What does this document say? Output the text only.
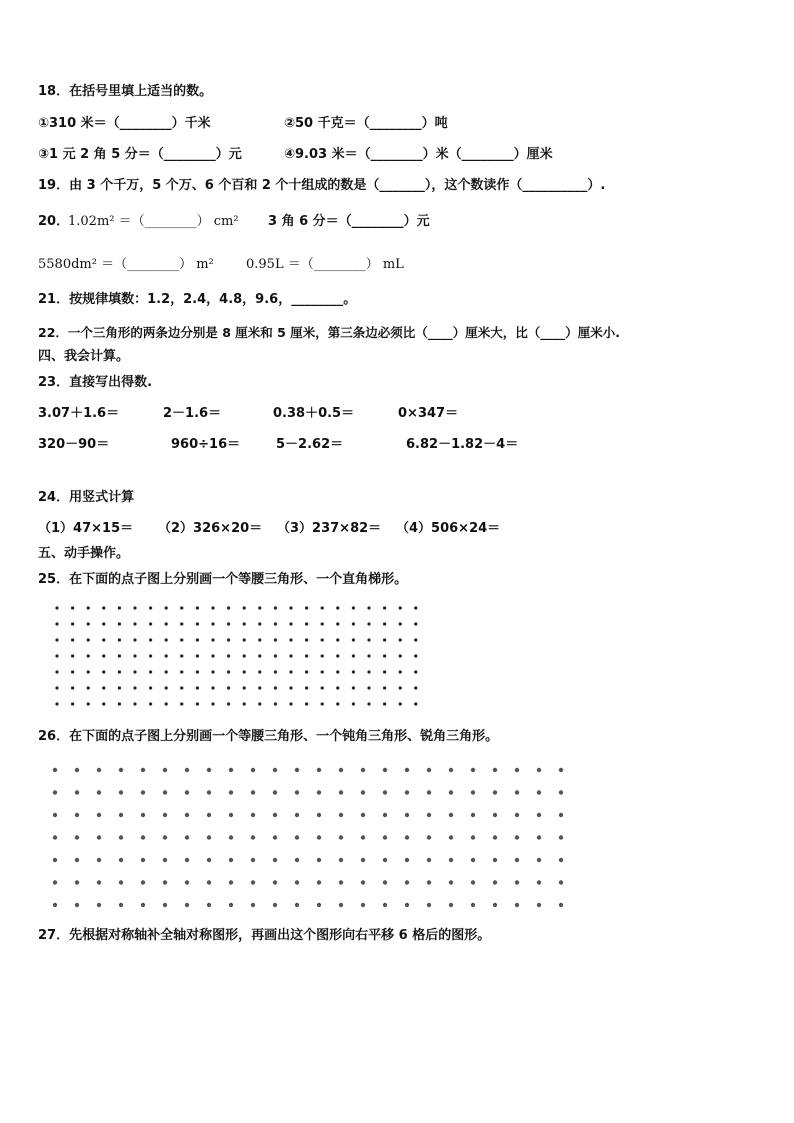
18．在括号里填上适当的数。
①310 米＝（________）千米	②50 千克＝（________）吨
③1 元 2 角 5 分＝（________）元	④9.03 米＝（________）米（________）厘米
19．由 3 个千万，5 个万、6 个百和 2 个十组成的数是（_______），这个数读作（__________）.
20．
1.02m² ＝（________） cm² 3 角 6 分＝（________）元
5580dm² ＝（________） m² 0.95L ＝（________） mL
21．按规律填数：1.2，2.4，4.8，9.6，________。
22．一个三角形的两条边分别是 8 厘米和 5 厘米，第三条边必须比（____）厘米大，比（____）厘米小.
四、我会计算。
23．直接写出得数.
3.07＋1.6＝	2－1.6＝	0.38＋0.5＝	0×347＝
320－90＝	960÷16＝	5－2.62＝	6.82－1.82－4＝
24．用竖式计算
（1）47×15＝ （2）326×20＝ （3）237×82＝ （4）506×24＝
五、动手操作。
25．在下面的点子图上分别画一个等腰三角形、一个直角梯形。
26．在下面的点子图上分别画一个等腰三角形、一个钝角三角形、锐角三角形。
27．先根据对称轴补全轴对称图形，再画出这个图形向右平移 6 格后的图形。
